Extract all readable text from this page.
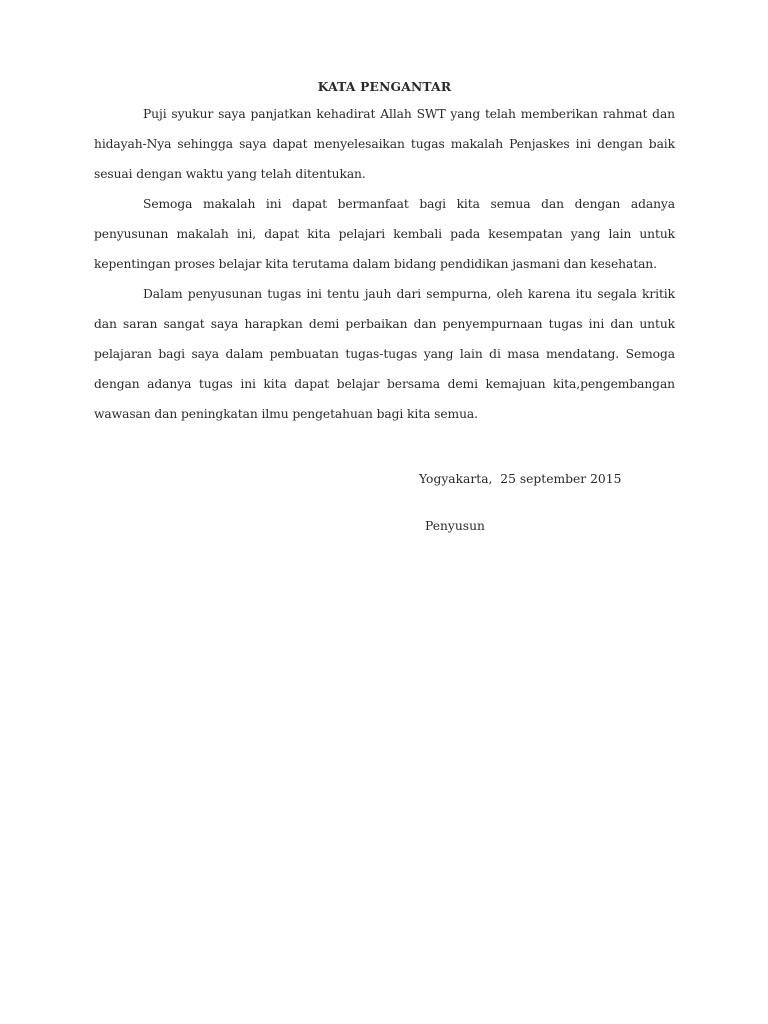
KATA PENGANTAR

Puji syukur saya panjatkan kehadirat Allah SWT yang telah memberikan rahmat dan hidayah-Nya sehingga saya dapat menyelesaikan tugas makalah Penjaskes ini dengan baik sesuai dengan waktu yang telah ditentukan.

Semoga makalah ini dapat bermanfaat bagi kita semua dan dengan adanya penyusunan makalah ini, dapat kita pelajari kembali pada kesempatan yang lain untuk kepentingan proses belajar kita terutama dalam bidang pendidikan jasmani dan kesehatan.

Dalam penyusunan tugas ini tentu jauh dari sempurna, oleh karena itu segala kritik dan saran sangat saya harapkan demi perbaikan dan penyempurnaan tugas ini dan untuk pelajaran bagi saya dalam pembuatan tugas-tugas yang lain di masa mendatang. Semoga dengan adanya tugas ini kita dapat belajar bersama demi kemajuan kita,pengembangan wawasan dan peningkatan ilmu pengetahuan bagi kita semua.

Yogyakarta,  25 september 2015
Penyusun
